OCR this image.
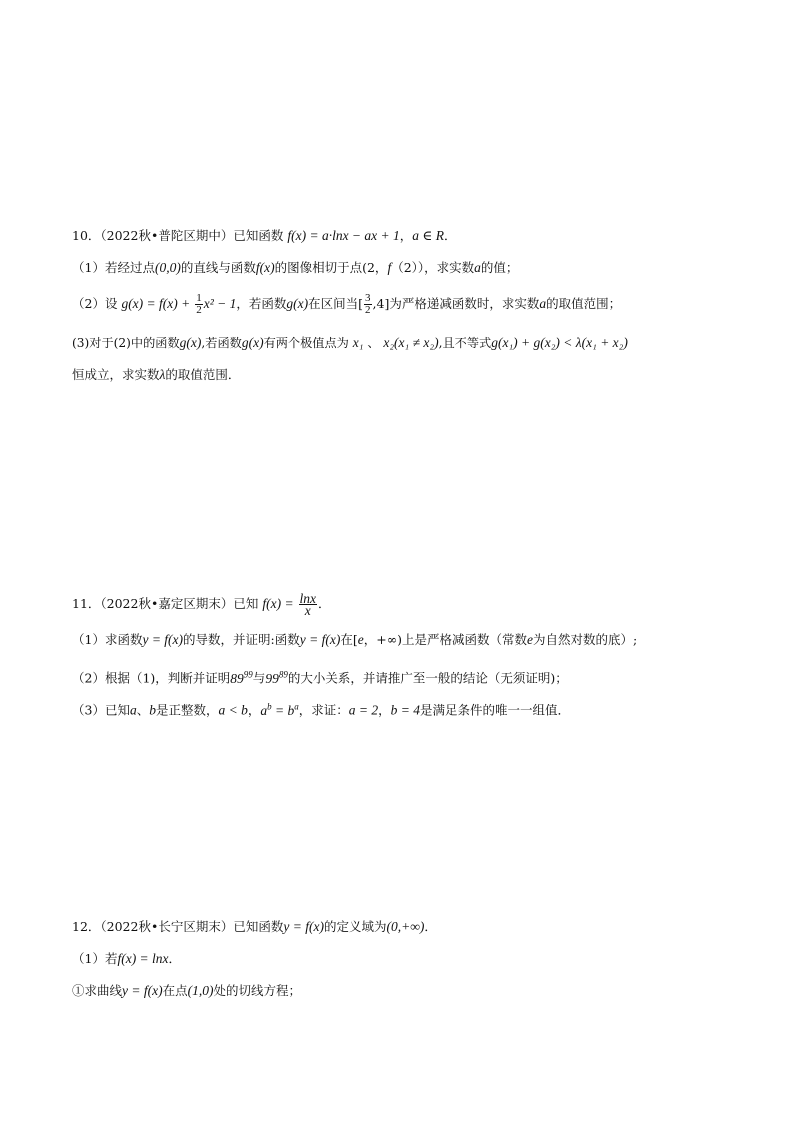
10．（2022秋•普陀区期中）已知函数 f(x) = a·lnx − ax + 1，a ∈ R．
（1）若经过点(0,0)的直线与函数f(x)的图像相切于点(2，f（2）），求实数a的值；
（2）设 $g(x) = f(x) + \frac{1}{2} x^2 - 1$，若函数g(x)在区间当[ $\frac{3}{2} ,4$]为严格递减函数时，求实数a的取值范围；
(3)对于(2)中的函数g(x),若函数g(x)有两个极值点为 x₁ 、 x₂(x₁ ≠ x₂),且不等式g(x₁) + g(x₂) < λ(x₁ + x₂)
恒成立，求实数λ的取值范围．
11．（2022秋•嘉定区期末）已知 $f(x) = \frac{\ln x}{x}$ ．
（1）求函数y = f(x)的导数，并证明:函数y = f(x)在[e，+∞)上是严格减函数（常数e为自然对数的底）;
（2）根据（1)，判断并证明$89^{99}$与$99^{89}$的大小关系，并请推广至一般的结论（无须证明)；
（3）已知a、b是正整数，a < b，$a^b = b^a$，求证：a = 2，b = 4是满足条件的唯一一组值．
12．（2022秋•长宁区期末）已知函数y = f(x)的定义域为(0,+∞)．
（1）若f(x) = lnx．
①求曲线y = f(x)在点(1,0)处的切线方程；
